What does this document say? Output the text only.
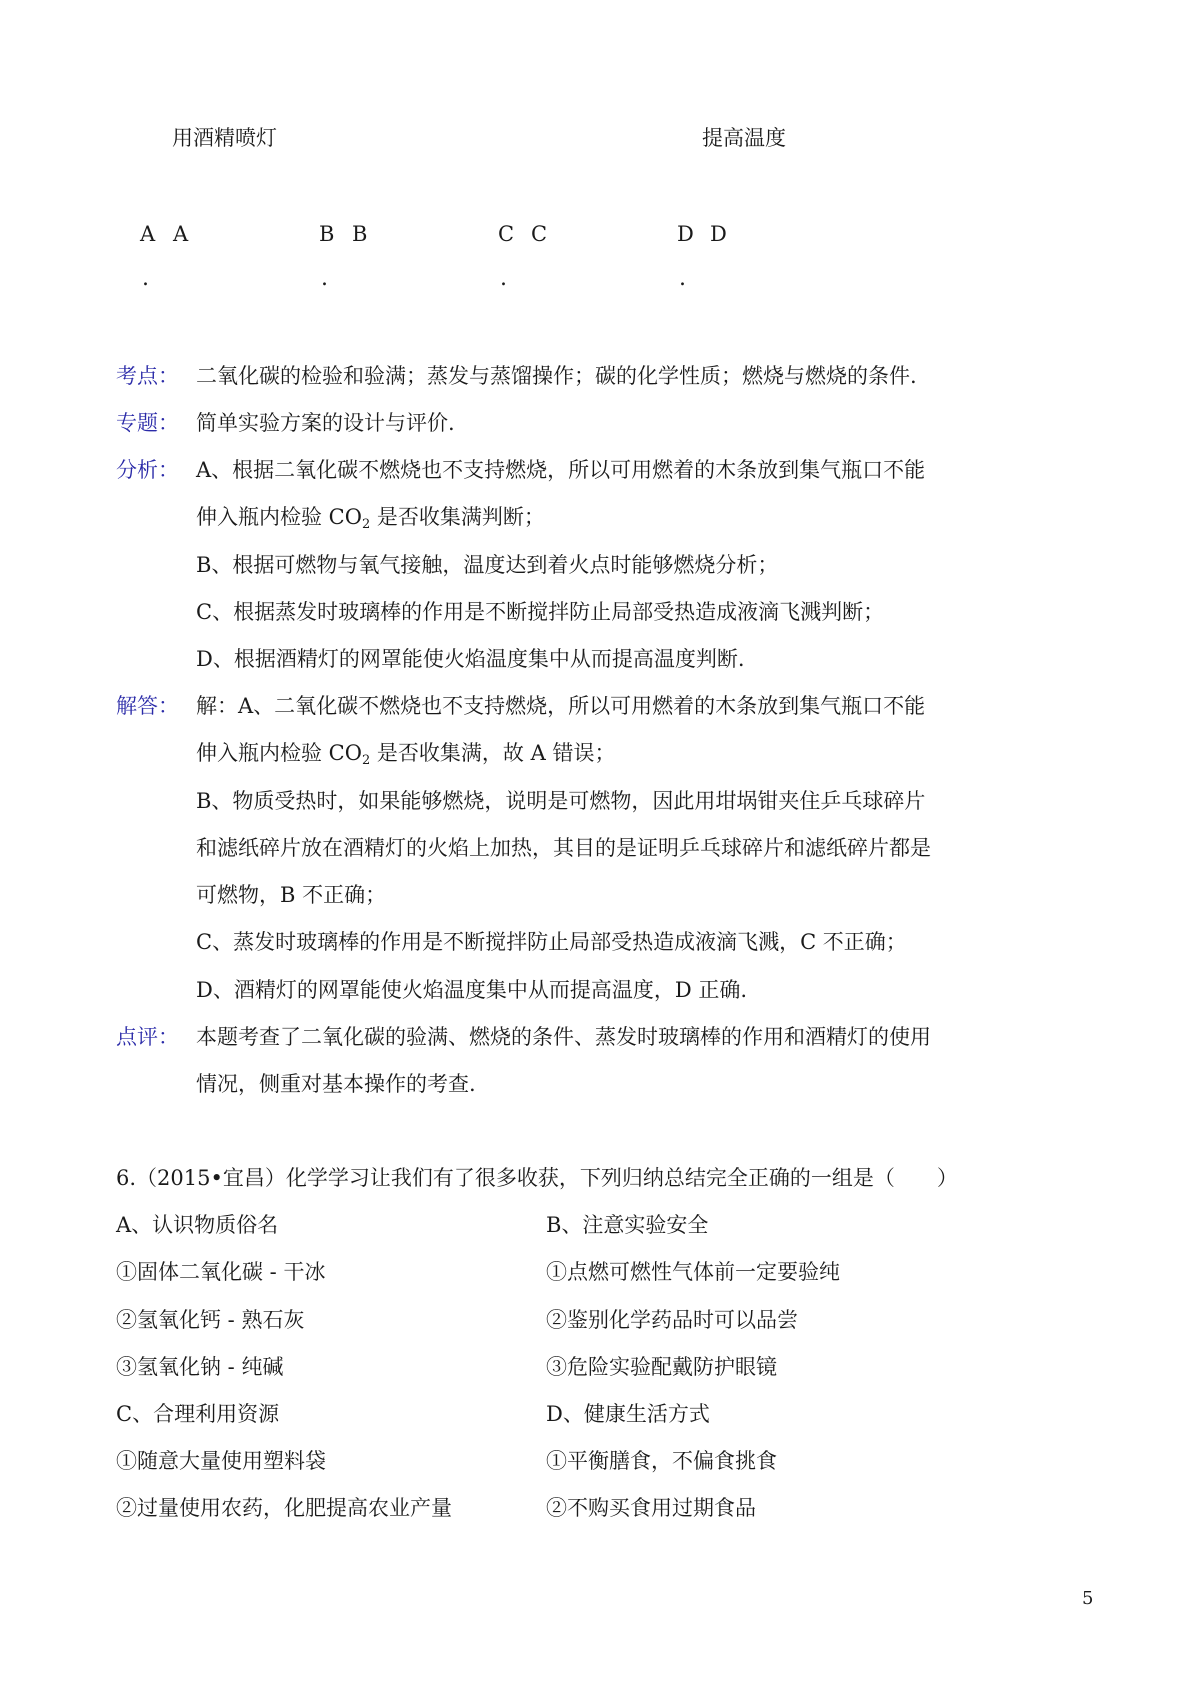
用酒精喷灯	提高温度
A A
.
B B
.
C C
.
D D
.
考点： 二氧化碳的检验和验满；蒸发与蒸馏操作；碳的化学性质；燃烧与燃烧的条件.
专题： 简单实验方案的设计与评价.
分析： A、根据二氧化碳不燃烧也不支持燃烧，所以可用燃着的木条放到集气瓶口不能
伸入瓶内检验 $CO_2$ 是否收集满判断；
B、根据可燃物与氧气接触，温度达到着火点时能够燃烧分析；
C、根据蒸发时玻璃棒的作用是不断搅拌防止局部受热造成液滴飞溅判断；
D、根据酒精灯的网罩能使火焰温度集中从而提高温度判断.
解答： 解：A、二氧化碳不燃烧也不支持燃烧，所以可用燃着的木条放到集气瓶口不能
伸入瓶内检验 $CO_2$ 是否收集满，故 A 错误；
B、物质受热时，如果能够燃烧，说明是可燃物，因此用坩埚钳夹住乒乓球碎片
和滤纸碎片放在酒精灯的火焰上加热，其目的是证明乒乓球碎片和滤纸碎片都是
可燃物，B 不正确；
C、蒸发时玻璃棒的作用是不断搅拌防止局部受热造成液滴飞溅，C 不正确；
D、酒精灯的网罩能使火焰温度集中从而提高温度，D 正确.
点评： 本题考查了二氧化碳的验满、燃烧的条件、蒸发时玻璃棒的作用和酒精灯的使用
情况，侧重对基本操作的考查.
6.（2015•宜昌）化学学习让我们有了很多收获，下列归纳总结完全正确的一组是（　　）
A、认识物质俗名	B、注意实验安全
①固体二氧化碳 - 干冰	①点燃可燃性气体前一定要验纯
②氢氧化钙 - 熟石灰	②鉴别化学药品时可以品尝
③氢氧化钠 - 纯碱	③危险实验配戴防护眼镜
C、合理利用资源	D、健康生活方式
①随意大量使用塑料袋	①平衡膳食，不偏食挑食
②过量使用农药，化肥提高农业产量	②不购买食用过期食品
5
